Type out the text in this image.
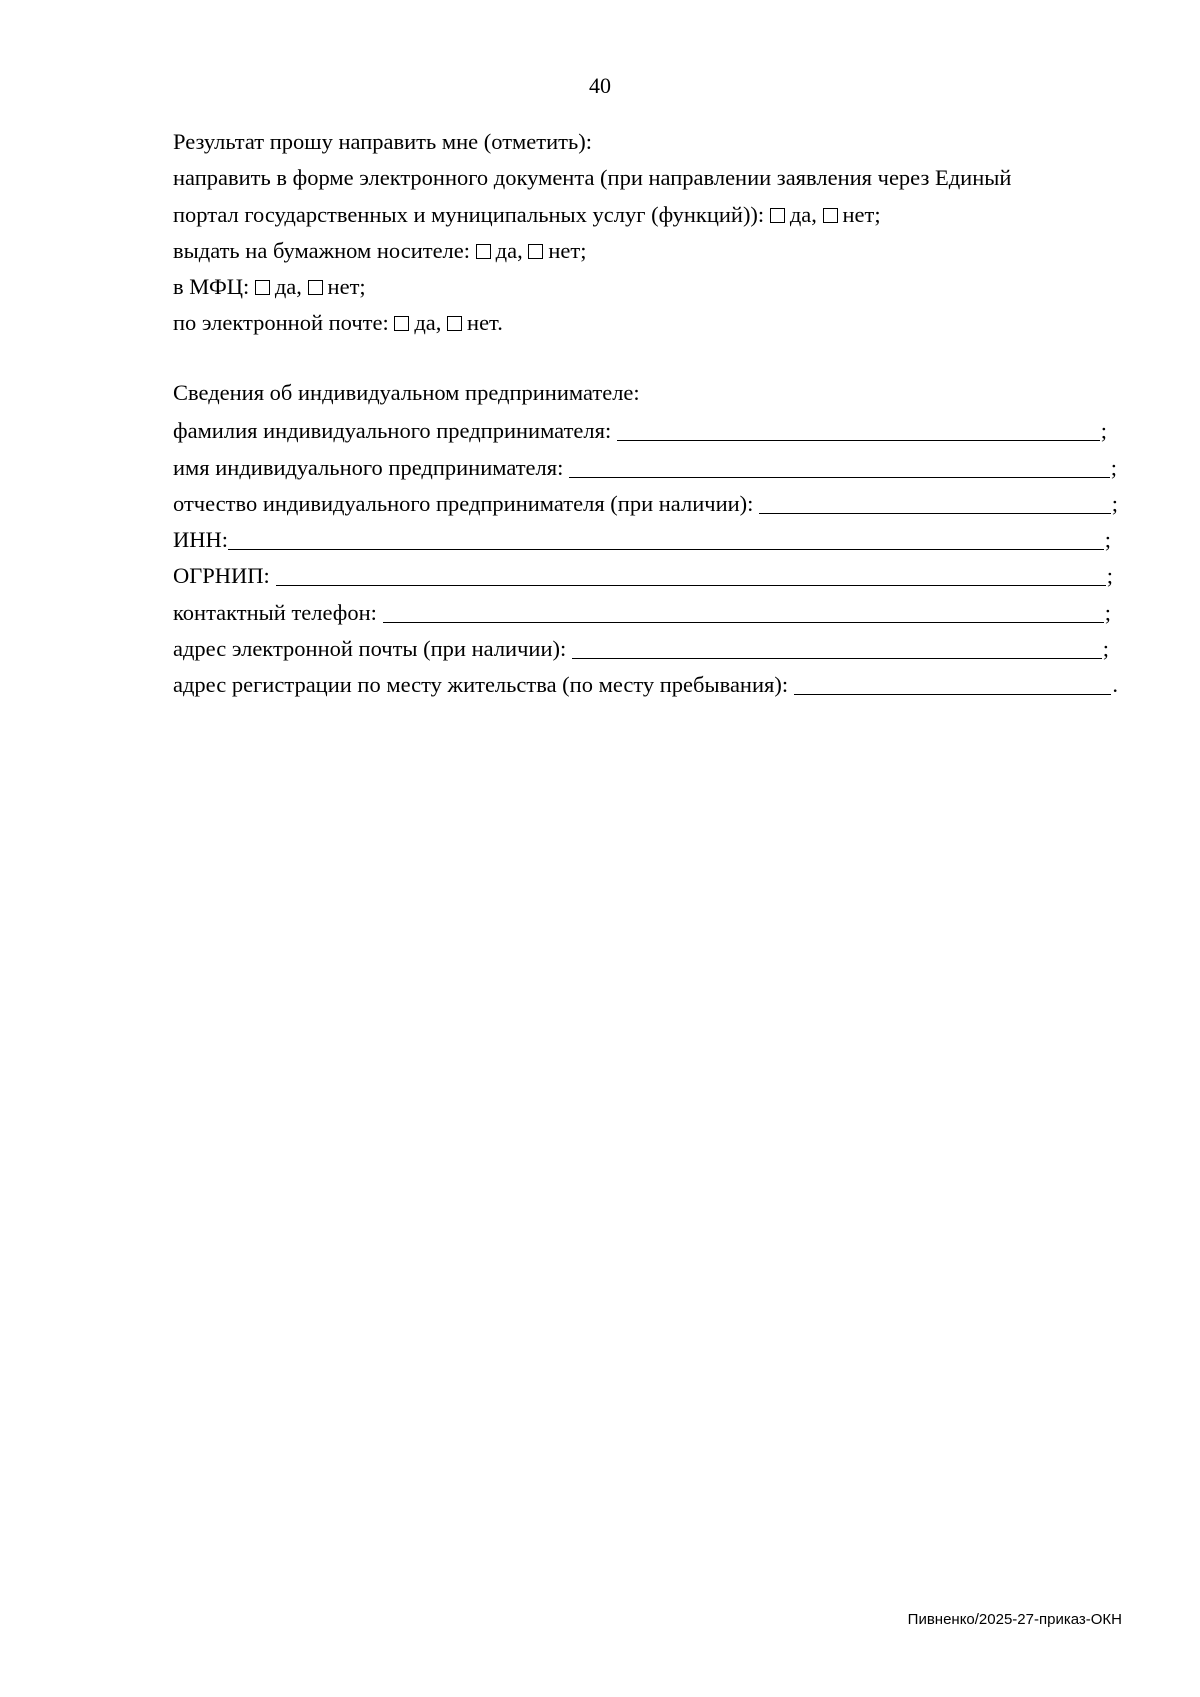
40
Результат прошу направить мне (отметить):
направить в форме электронного документа (при направлении заявления через Единый
портал государственных и муниципальных услуг (функций)): да, нет;
выдать на бумажном носителе: да, нет;
в МФЦ: да, нет;
по электронной почте: да, нет.
Сведения об индивидуальном предпринимателе:
фамилия индивидуального предпринимателя:	;
имя индивидуального предпринимателя:	;
отчество индивидуального предпринимателя (при наличии):	;
ИНН:	;
ОГРНИП:	;
контактный телефон:	;
адрес электронной почты (при наличии):	;
адрес регистрации по месту жительства (по месту пребывания):	.
Пивненко/2025-27-приказ-ОКН
